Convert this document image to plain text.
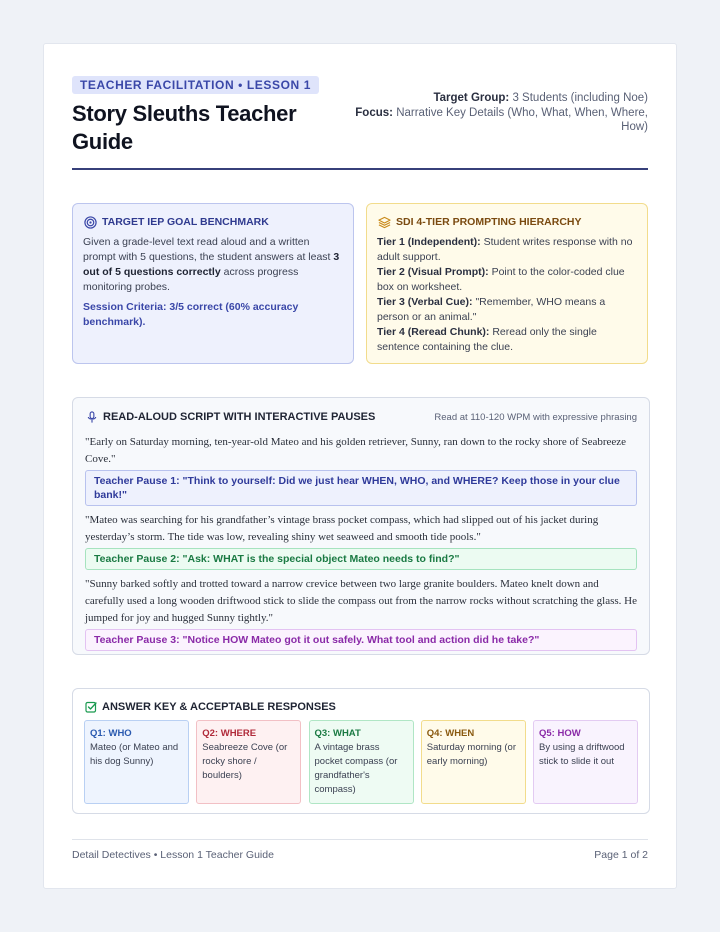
TEACHER FACILITATION • LESSON 1
Story Sleuths Teacher Guide
Target Group: 3 Students (including Noe)
Focus: Narrative Key Details (Who, What, When, Where, How)
TARGET IEP GOAL BENCHMARK
Given a grade-level text read aloud and a written prompt with 5 questions, the student answers at least 3 out of 5 questions correctly across progress monitoring probes.
Session Criteria: 3/5 correct (60% accuracy benchmark).
SDI 4-TIER PROMPTING HIERARCHY
Tier 1 (Independent): Student writes response with no adult support.
Tier 2 (Visual Prompt): Point to the color-coded clue box on worksheet.
Tier 3 (Verbal Cue): "Remember, WHO means a person or an animal."
Tier 4 (Reread Chunk): Reread only the single sentence containing the clue.
READ-ALOUD SCRIPT WITH INTERACTIVE PAUSES	Read at 110-120 WPM with expressive phrasing
"Early on Saturday morning, ten-year-old Mateo and his golden retriever, Sunny, ran down to the rocky shore of Seabreeze Cove."
Teacher Pause 1: "Think to yourself: Did we just hear WHEN, WHO, and WHERE? Keep those in your clue bank!"
"Mateo was searching for his grandfather’s vintage brass pocket compass, which had slipped out of his jacket during yesterday’s storm. The tide was low, revealing shiny wet seaweed and smooth tide pools."
Teacher Pause 2: "Ask: WHAT is the special object Mateo needs to find?"
"Sunny barked softly and trotted toward a narrow crevice between two large granite boulders. Mateo knelt down and carefully used a long wooden driftwood stick to slide the compass out from the narrow rocks without scratching the glass. He jumped for joy and hugged Sunny tightly."
Teacher Pause 3: "Notice HOW Mateo got it out safely. What tool and action did he take?"
ANSWER KEY & ACCEPTABLE RESPONSES
Q1: WHO
Mateo (or Mateo and his dog Sunny)
Q2: WHERE
Seabreeze Cove (or rocky shore / boulders)
Q3: WHAT
A vintage brass pocket compass (or grandfather's compass)
Q4: WHEN
Saturday morning (or early morning)
Q5: HOW
By using a driftwood stick to slide it out
Detail Detectives • Lesson 1 Teacher Guide	Page 1 of 2
